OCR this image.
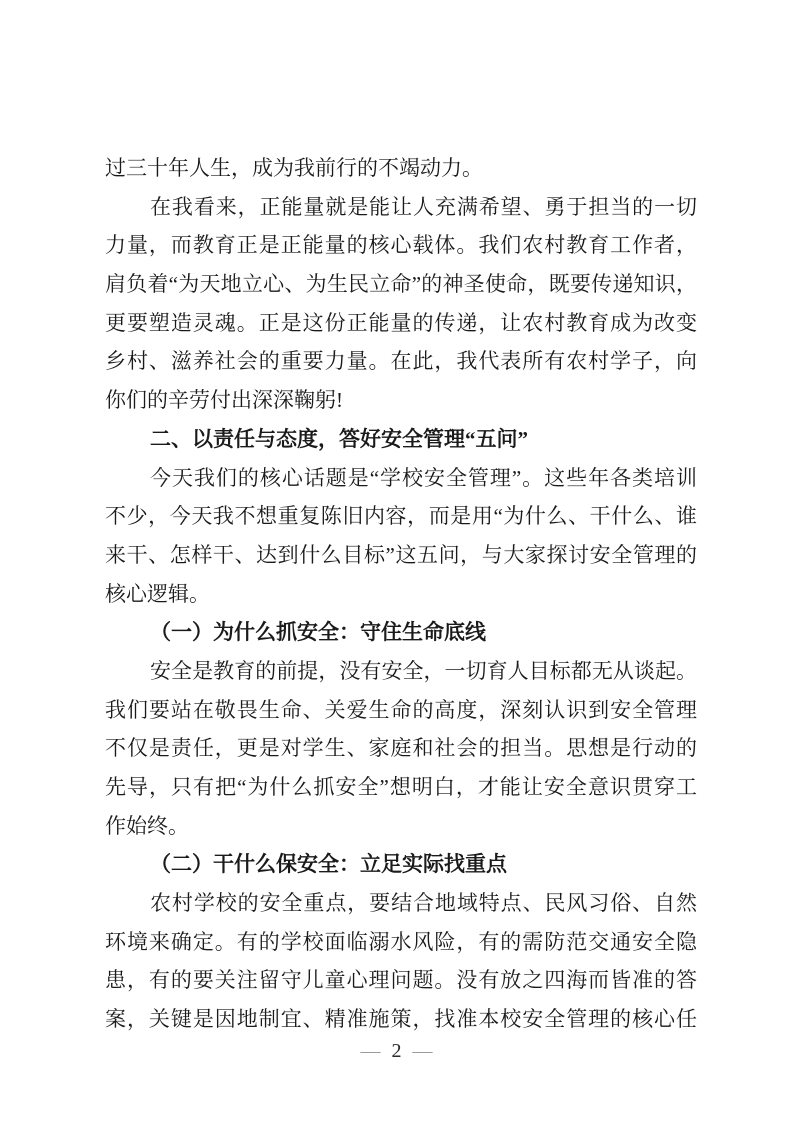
过三十年人生，成为我前行的不竭动力。
在我看来，正能量就是能让人充满希望、勇于担当的一切
力量，而教育正是正能量的核心载体。我们农村教育工作者，
肩负着“为天地立心、为生民立命”的神圣使命，既要传递知识，
更要塑造灵魂。正是这份正能量的传递，让农村教育成为改变
乡村、滋养社会的重要力量。在此，我代表所有农村学子，向
你们的辛劳付出深深鞠躬!
二、以责任与态度，答好安全管理“五问”
今天我们的核心话题是“学校安全管理”。这些年各类培训
不少，今天我不想重复陈旧内容，而是用“为什么、干什么、谁
来干、怎样干、达到什么目标”这五问，与大家探讨安全管理的
核心逻辑。
（一）为什么抓安全：守住生命底线
安全是教育的前提，没有安全，一切育人目标都无从谈起。
我们要站在敬畏生命、关爱生命的高度，深刻认识到安全管理
不仅是责任，更是对学生、家庭和社会的担当。思想是行动的
先导，只有把“为什么抓安全”想明白，才能让安全意识贯穿工
作始终。
（二）干什么保安全：立足实际找重点
农村学校的安全重点，要结合地域特点、民风习俗、自然
环境来确定。有的学校面临溺水风险，有的需防范交通安全隐
患，有的要关注留守儿童心理问题。没有放之四海而皆准的答
案，关键是因地制宜、精准施策，找准本校安全管理的核心任
— 2 —
